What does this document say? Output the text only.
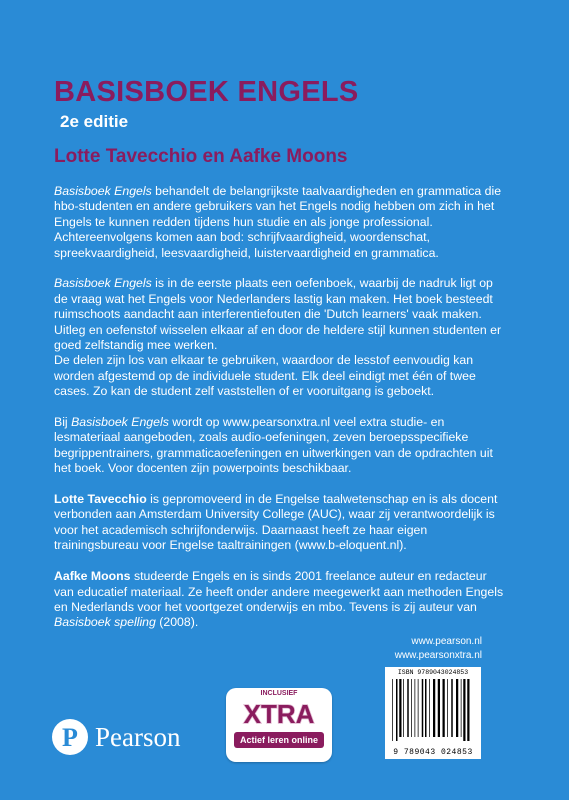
BASISBOEK ENGELS
2e editie
Lotte Tavecchio en Aafke Moons

Basisboek Engels behandelt de belangrijkste taalvaardigheden en grammatica die hbo-studenten en andere gebruikers van het Engels nodig hebben om zich in het Engels te kunnen redden tijdens hun studie en als jonge professional. Achtereenvolgens komen aan bod: schrijfvaardigheid, woordenschat, spreekvaardigheid, leesvaardigheid, luistervaardigheid en grammatica.

Basisboek Engels is in de eerste plaats een oefenboek, waarbij de nadruk ligt op de vraag wat het Engels voor Nederlanders lastig kan maken. Het boek besteedt ruimschoots aandacht aan interferentiefouten die 'Dutch learners' vaak maken. Uitleg en oefenstof wisselen elkaar af en door de heldere stijl kunnen studenten er goed zelfstandig mee werken.

De delen zijn los van elkaar te gebruiken, waardoor de lesstof eenvoudig kan worden afgestemd op de individuele student. Elk deel eindigt met één of twee cases. Zo kan de student zelf vaststellen of er vooruitgang is geboekt.

Bij Basisboek Engels wordt op www.pearsonxtra.nl veel extra studie- en lesmateriaal aangeboden, zoals audio-oefeningen, zeven beroepsspecifieke begrippentrainers, grammaticaoefeningen en uitwerkingen van de opdrachten uit het boek. Voor docenten zijn powerpoints beschikbaar.

Lotte Tavecchio is gepromoveerd in de Engelse taalwetenschap en is als docent verbonden aan Amsterdam University College (AUC), waar zij verantwoordelijk is voor het academisch schrijfonderwijs. Daarnaast heeft ze haar eigen trainingsbureau voor Engelse taaltrainingen (www.b-eloquent.nl).

Aafke Moons studeerde Engels en is sinds 2001 freelance auteur en redacteur van educatief materiaal. Ze heeft onder andere meegewerkt aan methoden Engels en Nederlands voor het voortgezet onderwijs en mbo. Tevens is zij auteur van Basisboek spelling (2008).

www.pearson.nl
www.pearsonxtra.nl
ISBN 9789043024853
9 789043 024853
P Pearson
INCLUSIEF
XTRA
Actief leren online
